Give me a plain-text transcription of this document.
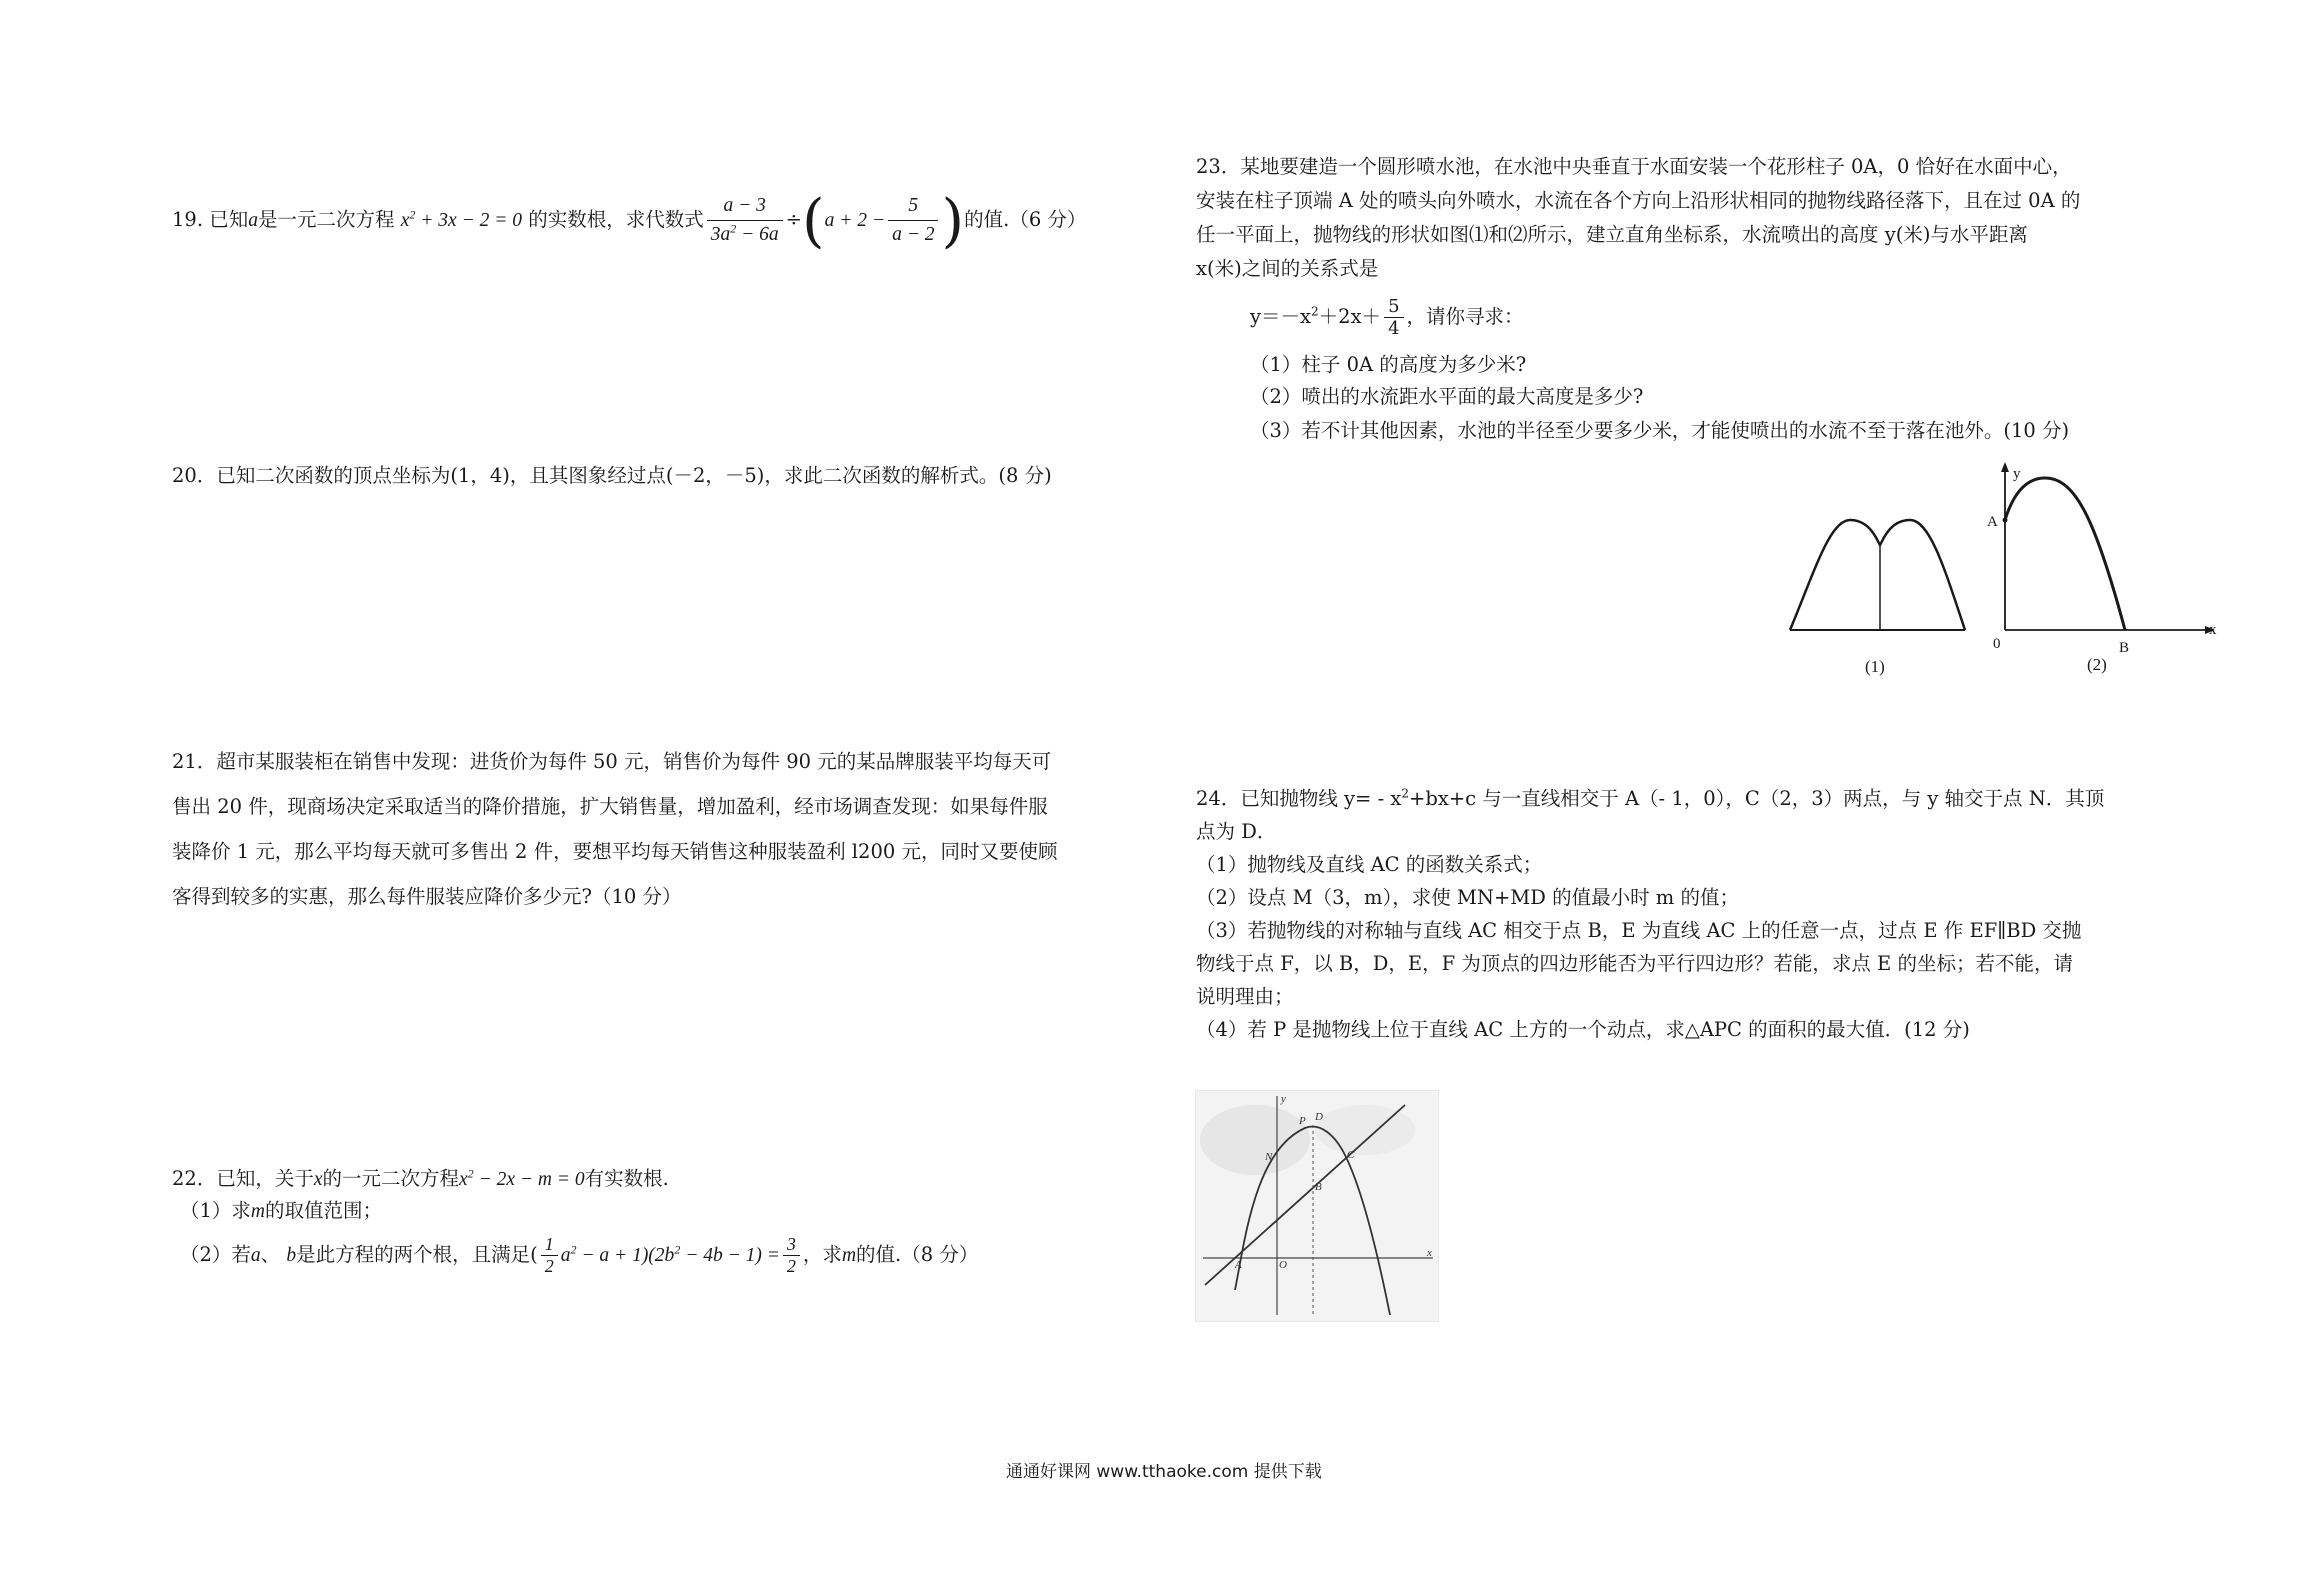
19. 已知a是一元二次方程 $x^2 + 3x - 2 = 0$ 的实数根，求代数式 $\frac{a - 3}{3a^2 - 6a} \div(a + 2 - \frac{5}{a - 2}$ )的值.（6 分）
20．已知二次函数的顶点坐标为(1，4)，且其图象经过点(－2，－5)，求此二次函数的解析式。(8 分)
21．超市某服装柜在销售中发现：进货价为每件 50 元，销售价为每件 90 元的某品牌服装平均每天可
售出 20 件，现商场决定采取适当的降价措施，扩大销售量，增加盈利，经市场调查发现：如果每件服
装降价 1 元，那么平均每天就可多售出 2 件，要想平均每天销售这种服装盈利 l200 元，同时又要使顾
客得到较多的实惠，那么每件服装应降价多少元?（10 分）
22．已知，关于x的一元二次方程$x^2 - 2x - m = 0$有实数根.
（1）求m的取值范围；
（2）若a、 b是此方程的两个根，且满足( $\frac{1}{2} a^2 - a + 1)(2b^2 - 4b - 1) = \frac{3}{2}$ ，求m的值.（8 分）
23．某地要建造一个圆形喷水池，在水池中央垂直于水面安装一个花形柱子 0A，0 恰好在水面中心，
安装在柱子顶端 A 处的喷头向外喷水，水流在各个方向上沿形状相同的抛物线路径落下，且在过 0A 的
任一平面上，抛物线的形状如图⑴和⑵所示，建立直角坐标系，水流喷出的高度 y(米)与水平距离
x(米)之间的关系式是
$y=-x^2+2x+ \frac{5}{4}$ ，请你寻求：
（1）柱子 0A 的高度为多少米?
（2）喷出的水流距水平面的最大高度是多少?
（3）若不计其他因素，水池的半径至少要多少米，才能使喷出的水流不至于落在池外。(10 分)
(1)
y
A
0	B
x
(2)
24．已知抛物线 $y= - x^2+bx+c$ 与一直线相交于 A（- 1，0），C（2，3）两点，与 y 轴交于点 N．其顶
点为 D．
（1）抛物线及直线 AC 的函数关系式；
（2）设点 M（3，m），求使 MN+MD 的值最小时 m 的值；
（3）若抛物线的对称轴与直线 AC 相交于点 B，E 为直线 AC 上的任意一点，过点 E 作 EF∥BD 交抛
物线于点 F，以 B，D，E，F 为顶点的四边形能否为平行四边形？若能，求点 E 的坐标；若不能，请
说明理由；
（4）若 P 是抛物线上位于直线 AC 上方的一个动点，求△APC 的面积的最大值．(12 分)
x
y
P D
N	C
B
A	O
通通好课网 www.tthaoke.com 提供下载
